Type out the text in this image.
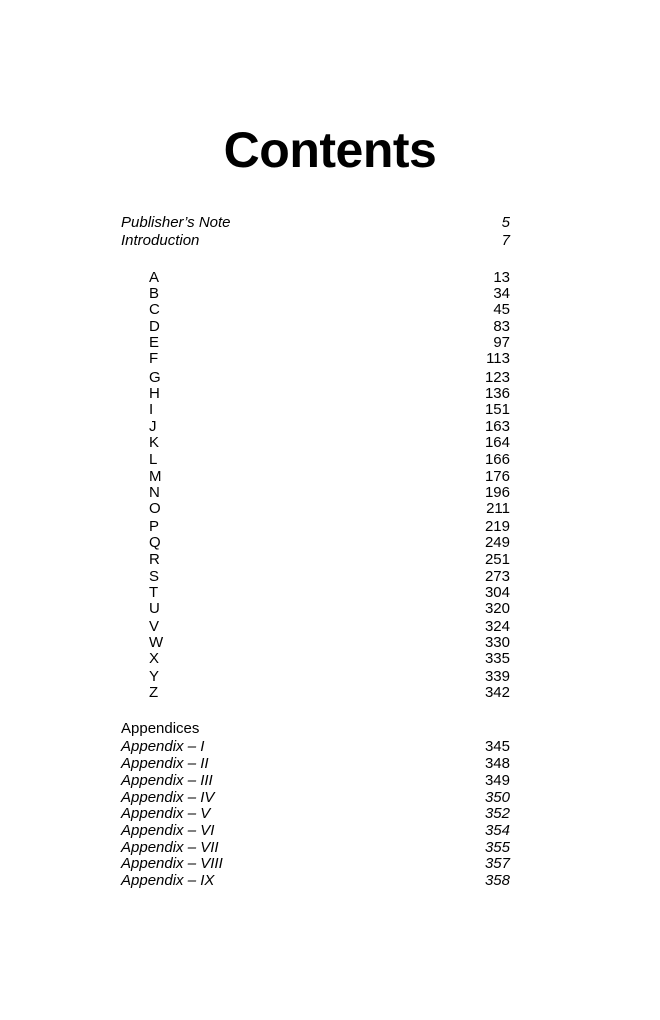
Contents
Publisher’s Note	5
Introduction	7
A	13
B	34
C	45
D	83
E	97
F	113
G	123
H	136
I	151
J	163
K	164
L	166
M	176
N	196
O	211
P	219
Q	249
R	251
S	273
T	304
U	320
V	324
W	330
X	335
Y	339
Z	342
Appendices
Appendix – I	345
Appendix – II	348
Appendix – III	349
Appendix – IV	350
Appendix – V	352
Appendix – VI	354
Appendix – VII	355
Appendix – VIII	357
Appendix – IX	358
